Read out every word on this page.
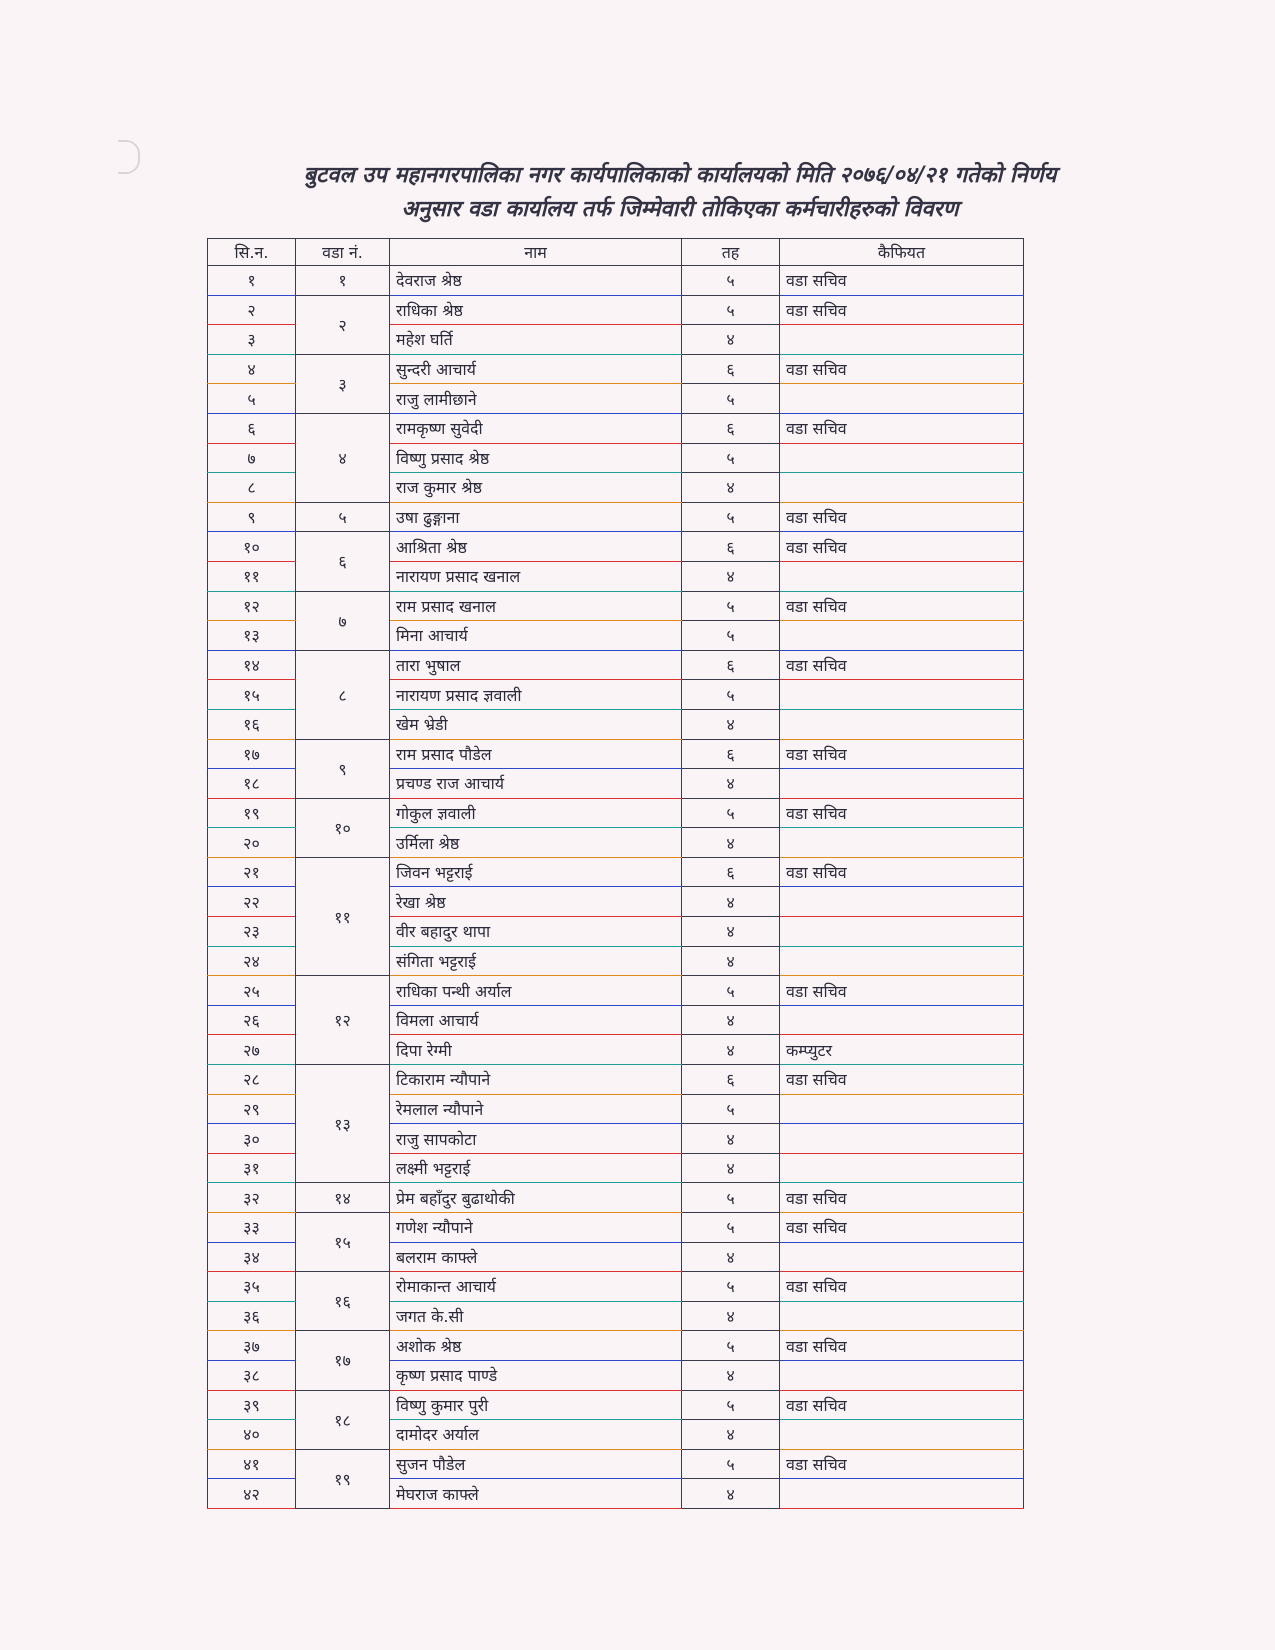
बुटवल उप महानगरपालिका नगर कार्यपालिकाको कार्यालयको मिति २०७६/०४/२१ गतेको निर्णय
अनुसार वडा कार्यालय तर्फ जिम्मेवारी तोकिएका कर्मचारीहरुको विवरण
सि.न.	वडा नं.	नाम	तह	कैफियत
१	१	देवराज श्रेष्ठ	५	वडा सचिव
२	२	राधिका श्रेष्ठ	५	वडा सचिव
३		महेश घर्ति	४	
४	३	सुन्दरी आचार्य	६	वडा सचिव
५		राजु लामीछाने	५	
६	४	रामकृष्ण सुवेदी	६	वडा सचिव
७		विष्णु प्रसाद श्रेष्ठ	५	
८		राज कुमार श्रेष्ठ	४	
९	५	उषा ढुङ्गाना	५	वडा सचिव
१०	६	आश्रिता श्रेष्ठ	६	वडा सचिव
११		नारायण प्रसाद खनाल	४	
१२	७	राम प्रसाद खनाल	५	वडा सचिव
१३		मिना आचार्य	५	
१४	८	तारा भुषाल	६	वडा सचिव
१५		नारायण प्रसाद ज्ञवाली	५	
१६		खेम भ्रेडी	४	
१७	९	राम प्रसाद पौडेल	६	वडा सचिव
१८		प्रचण्ड राज आचार्य	४	
१९	१०	गोकुल ज्ञवाली	५	वडा सचिव
२०		उर्मिला श्रेष्ठ	४	
२१	११	जिवन भट्टराई	६	वडा सचिव
२२		रेखा श्रेष्ठ	४	
२३		वीर बहादुर थापा	४	
२४		संगिता भट्टराई	४	
२५	१२	राधिका पन्थी अर्याल	५	वडा सचिव
२६		विमला आचार्य	४	
२७		दिपा रेग्मी	४	कम्प्युटर
२८	१३	टिकाराम न्यौपाने	६	वडा सचिव
२९		रेमलाल न्यौपाने	५	
३०		राजु सापकोटा	४	
३१		लक्ष्मी भट्टराई	४	
३२	१४	प्रेम बहाँदुर बुढाथोकी	५	वडा सचिव
३३	१५	गणेश न्यौपाने	५	वडा सचिव
३४		बलराम काफ्ले	४	
३५	१६	रोमाकान्त आचार्य	५	वडा सचिव
३६		जगत के.सी	४	
३७	१७	अशोक श्रेष्ठ	५	वडा सचिव
३८		कृष्ण प्रसाद पाण्डे	४	
३९	१८	विष्णु कुमार पुरी	५	वडा सचिव
४०		दामोदर अर्याल	४	
४१	१९	सुजन पौडेल	५	वडा सचिव
४२		मेघराज काफ्ले	४	
